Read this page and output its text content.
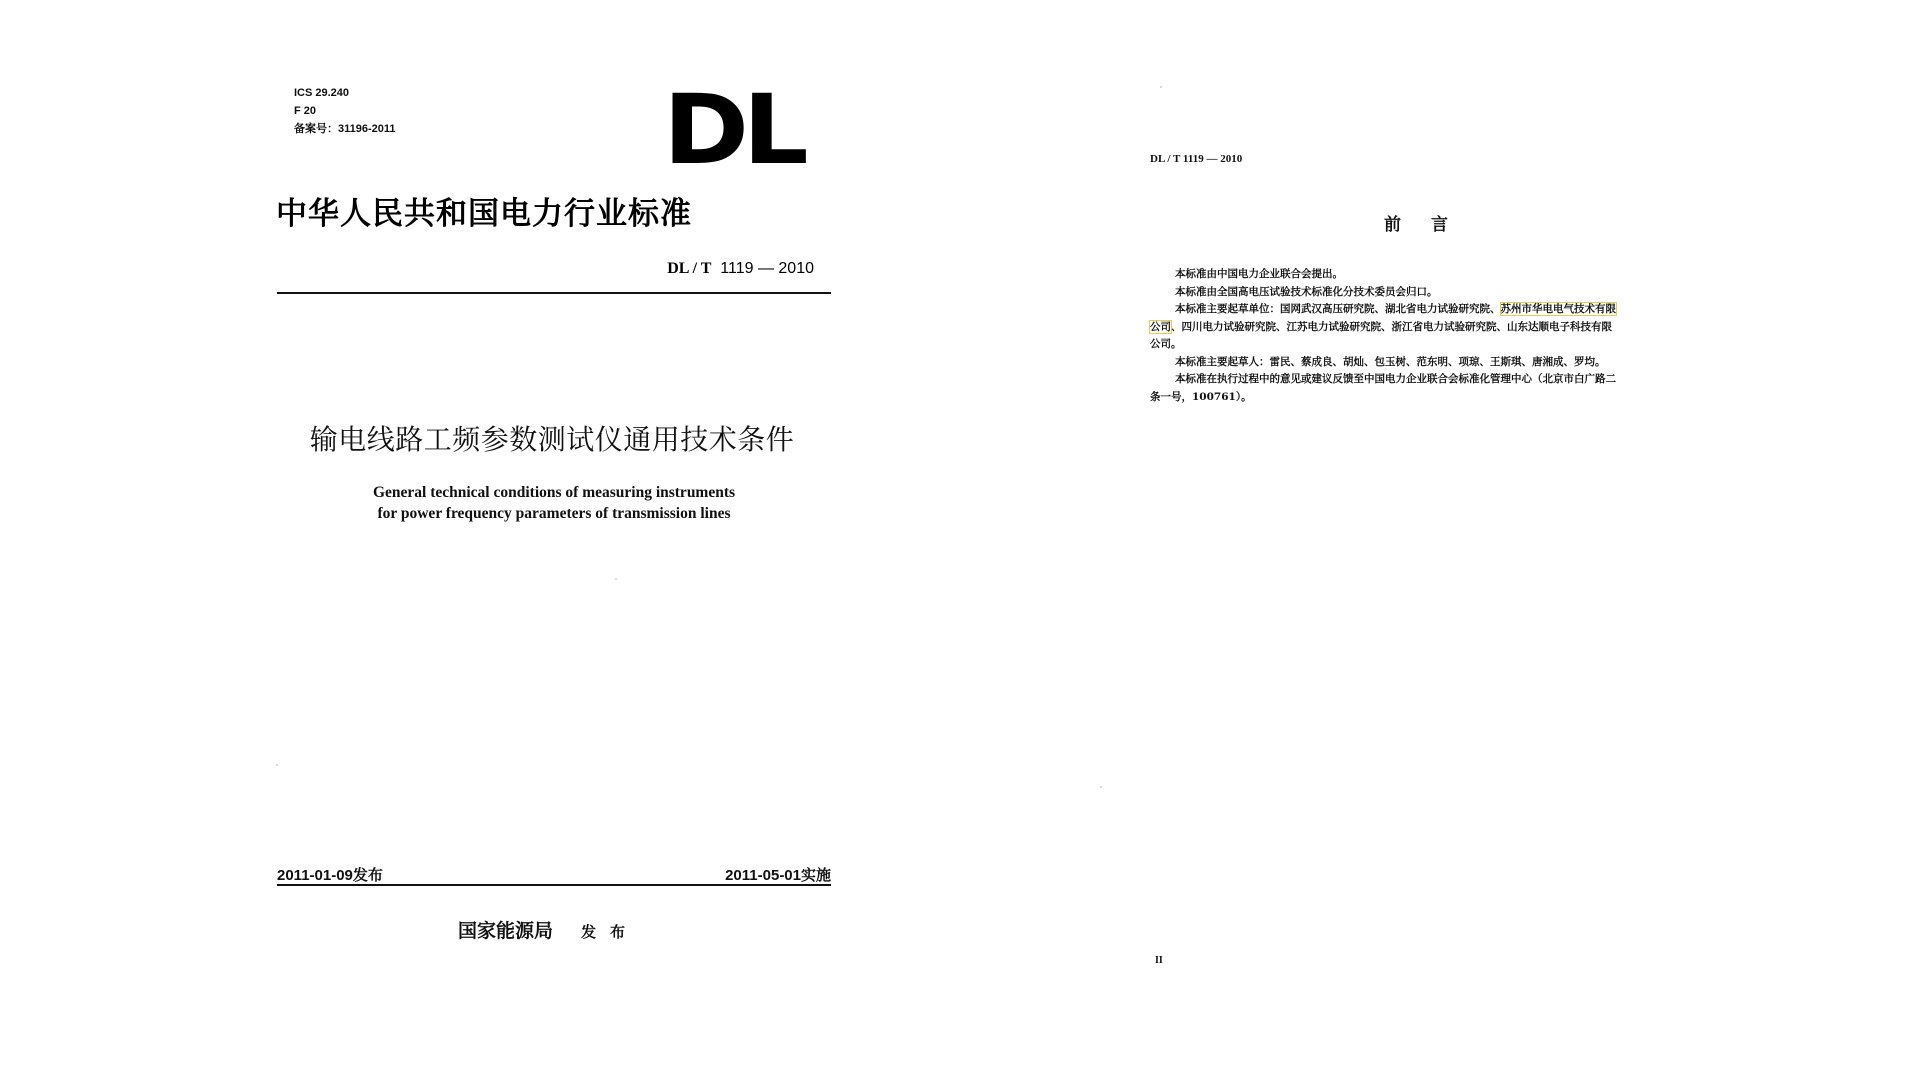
ICS 29.240
F 20
备案号：31196-2011	DL
中华人民共和国电力行业标准
DL / T 1119 — 2010
输电线路工频参数测试仪通用技术条件
General technical conditions of measuring instruments
for power frequency parameters of transmission lines
2011-01-09发布	2011-05-01实施
国家能源局 发布
DL / T 1119 — 2010
前言
本标准由中国电力企业联合会提出。
本标准由全国高电压试验技术标准化分技术委员会归口。
本标准主要起草单位：国网武汉高压研究院、湖北省电力试验研究院、苏州市华电电气技术有限
公司、四川电力试验研究院、江苏电力试验研究院、浙江省电力试验研究院、山东达顺电子科技有限
公司。
本标准主要起草人：雷民、蔡成良、胡灿、包玉树、范东明、项琼、王斯琪、唐湘成、罗均。
本标准在执行过程中的意见或建议反馈至中国电力企业联合会标准化管理中心（北京市白广路二
条一号，100761）。
II
